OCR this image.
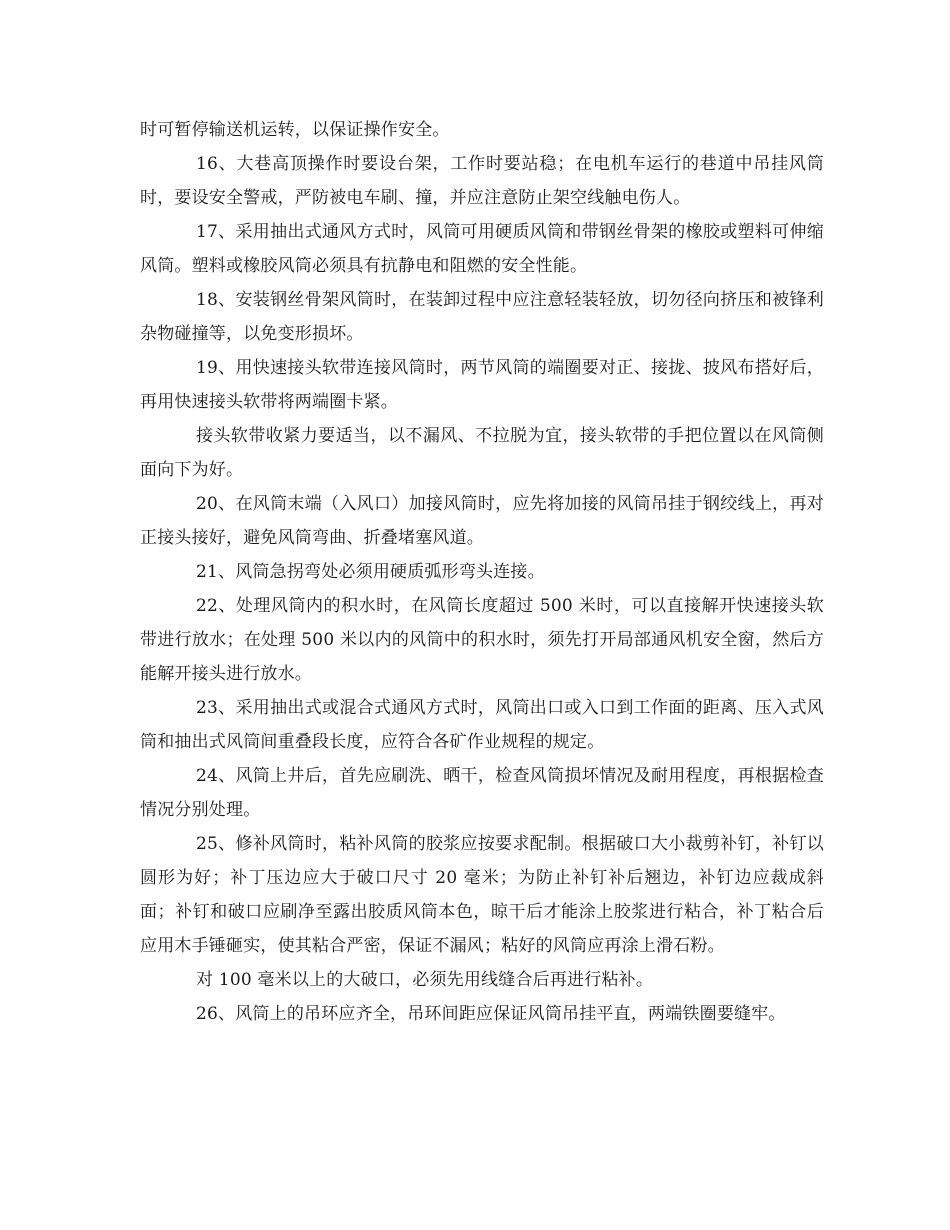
时可暂停输送机运转，以保证操作安全。

16、大巷高顶操作时要设台架，工作时要站稳；在电机车运行的巷道中吊挂风筒时，要设安全警戒，严防被电车刷、撞，并应注意防止架空线触电伤人。

17、采用抽出式通风方式时，风筒可用硬质风筒和带钢丝骨架的橡胶或塑料可伸缩风筒。塑料或橡胶风筒必须具有抗静电和阻燃的安全性能。

18、安装钢丝骨架风筒时，在装卸过程中应注意轻装轻放，切勿径向挤压和被锋利杂物碰撞等，以免变形损坏。

19、用快速接头软带连接风筒时，两节风筒的端圈要对正、接拢、披风布搭好后，再用快速接头软带将两端圈卡紧。

接头软带收紧力要适当，以不漏风、不拉脱为宜，接头软带的手把位置以在风筒侧面向下为好。

20、在风筒末端（入风口）加接风筒时，应先将加接的风筒吊挂于钢绞线上，再对正接头接好，避免风筒弯曲、折叠堵塞风道。

21、风筒急拐弯处必须用硬质弧形弯头连接。

22、处理风筒内的积水时，在风筒长度超过 500 米时，可以直接解开快速接头软带进行放水；在处理 500 米以内的风筒中的积水时，须先打开局部通风机安全窗，然后方能解开接头进行放水。

23、采用抽出式或混合式通风方式时，风筒出口或入口到工作面的距离、压入式风筒和抽出式风筒间重叠段长度，应符合各矿作业规程的规定。

24、风筒上井后，首先应刷洗、晒干，检查风筒损坏情况及耐用程度，再根据检查情况分别处理。

25、修补风筒时，粘补风筒的胶浆应按要求配制。根据破口大小裁剪补钉，补钉以圆形为好；补丁压边应大于破口尺寸 20 毫米；为防止补钉补后翘边，补钉边应裁成斜面；补钉和破口应刷净至露出胶质风筒本色，晾干后才能涂上胶浆进行粘合，补丁粘合后应用木手锤砸实，使其粘合严密，保证不漏风；粘好的风筒应再涂上滑石粉。

对 100 毫米以上的大破口，必须先用线缝合后再进行粘补。

26、风筒上的吊环应齐全，吊环间距应保证风筒吊挂平直，两端铁圈要缝牢。
